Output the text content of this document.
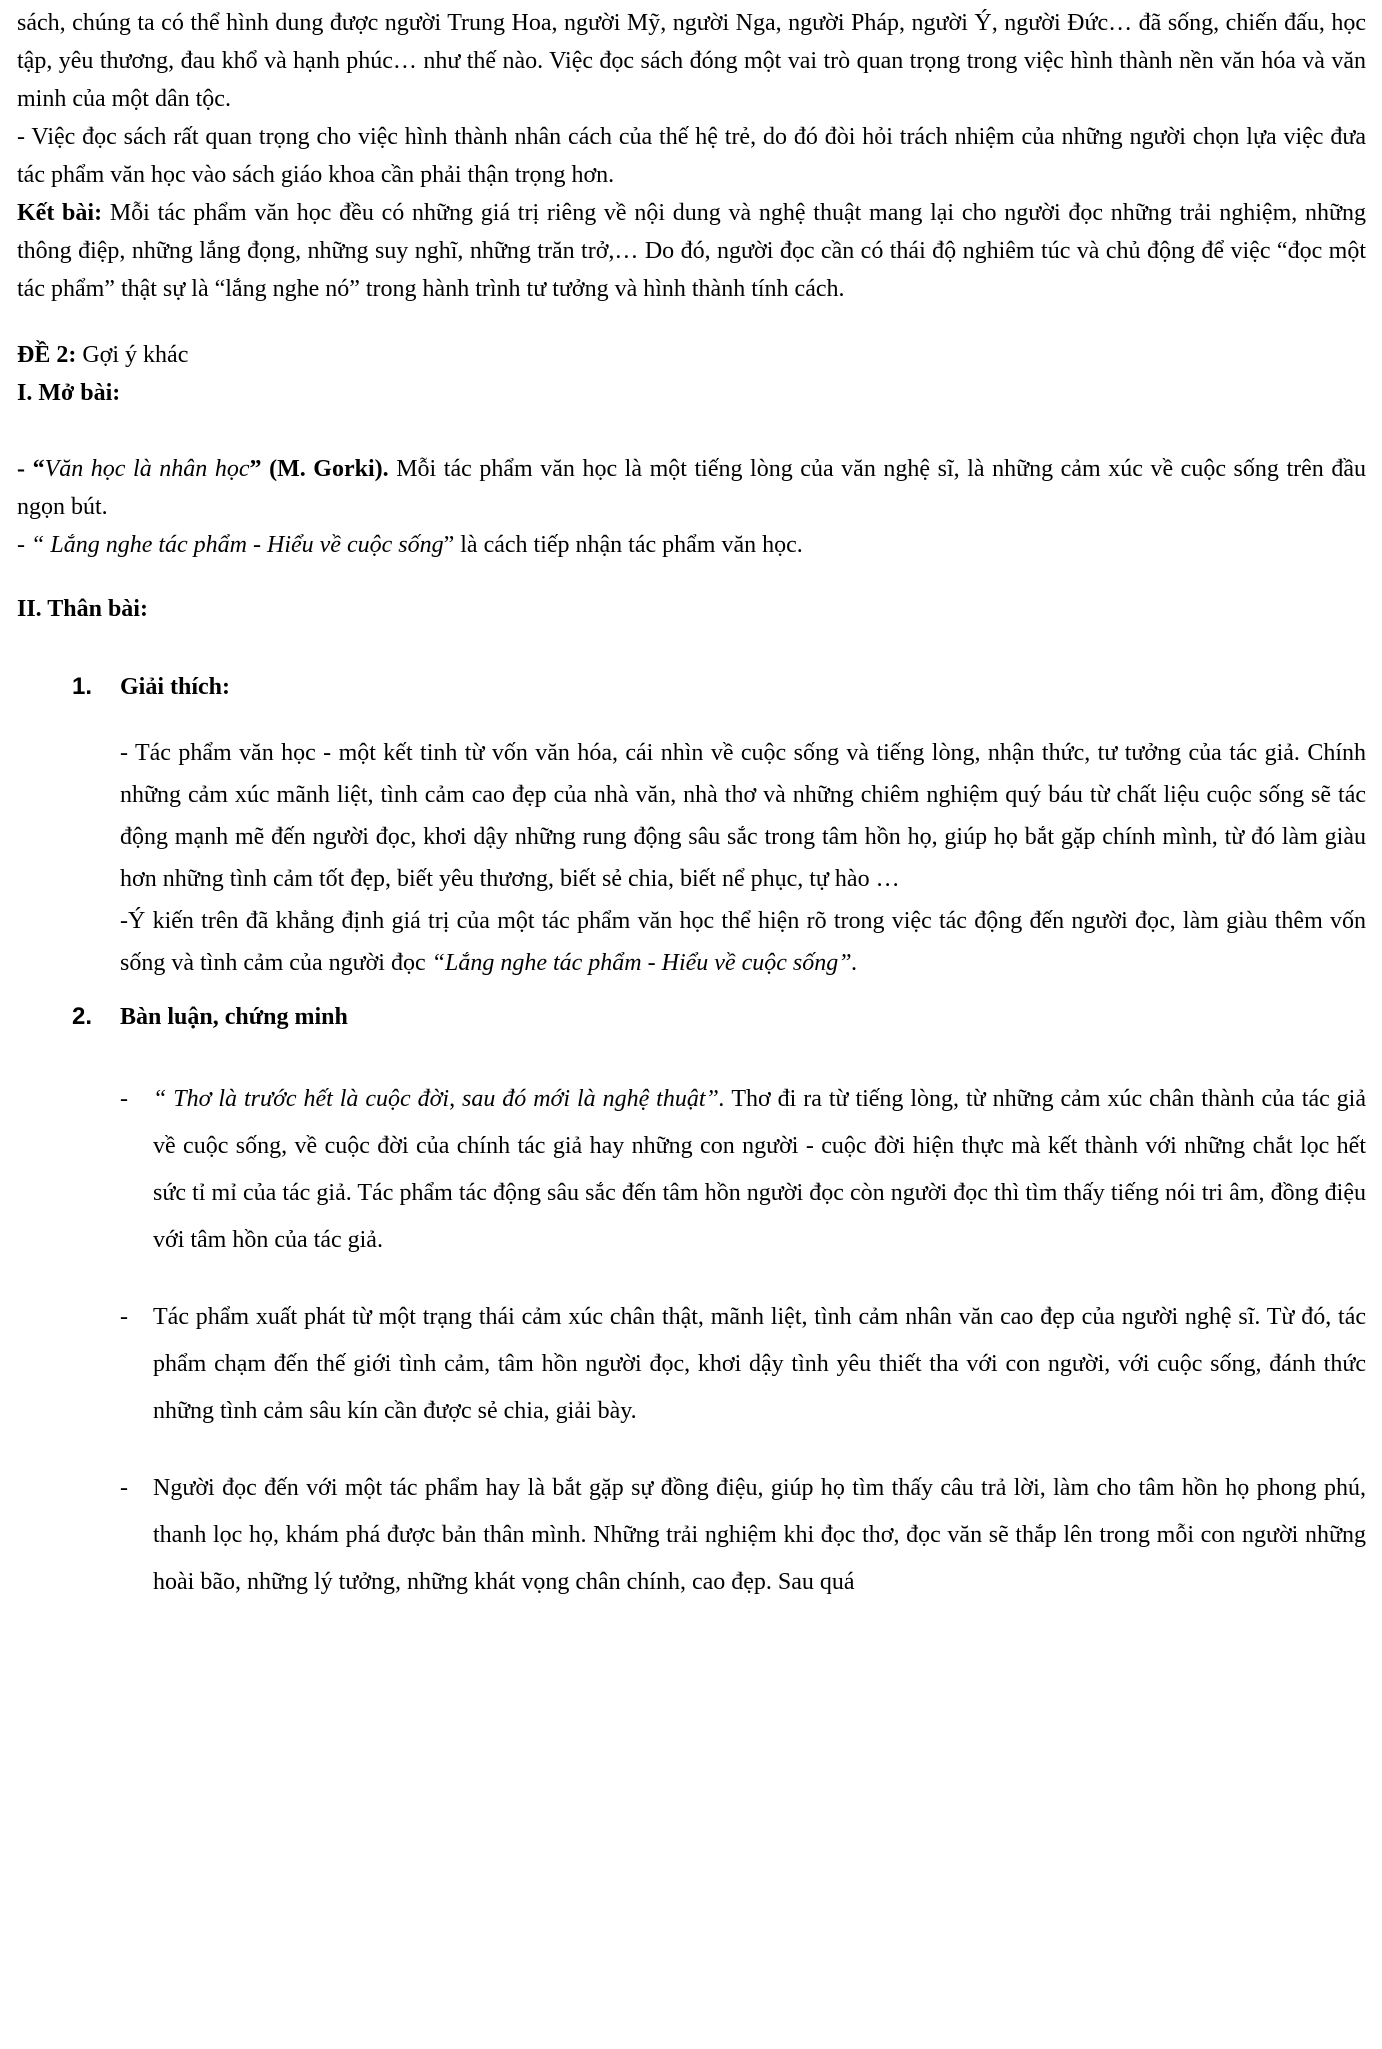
sách, chúng ta có thể hình dung được người Trung Hoa, người Mỹ, người Nga, người Pháp, người Ý, người Đức… đã sống, chiến đấu, học tập, yêu thương, đau khổ và hạnh phúc… như thế nào. Việc đọc sách đóng một vai trò quan trọng trong việc hình thành nền văn hóa và văn minh của một dân tộc.

- Việc đọc sách rất quan trọng cho việc hình thành nhân cách của thế hệ trẻ, do đó đòi hỏi trách nhiệm của những người chọn lựa việc đưa tác phẩm văn học vào sách giáo khoa cần phải thận trọng hơn.

Kết bài: Mỗi tác phẩm văn học đều có những giá trị riêng về nội dung và nghệ thuật mang lại cho người đọc những trải nghiệm, những thông điệp, những lắng đọng, những suy nghĩ, những trăn trở,… Do đó, người đọc cần có thái độ nghiêm túc và chủ động để việc “đọc một tác phẩm” thật sự là “lắng nghe nó” trong hành trình tư tưởng và hình thành tính cách.

ĐỀ 2: Gợi ý khác

I. Mở bài:

- “Văn học là nhân học” (M. Gorki). Mỗi tác phẩm văn học là một tiếng lòng của văn nghệ sĩ, là những cảm xúc về cuộc sống trên đầu ngọn bút.

- “ Lắng nghe tác phẩm - Hiểu về cuộc sống” là cách tiếp nhận tác phẩm văn học.

II. Thân bài:

1. Giải thích:

- Tác phẩm văn học - một kết tinh từ vốn văn hóa, cái nhìn về cuộc sống và tiếng lòng, nhận thức, tư tưởng của tác giả. Chính những cảm xúc mãnh liệt, tình cảm cao đẹp của nhà văn, nhà thơ và những chiêm nghiệm quý báu từ chất liệu cuộc sống sẽ tác động mạnh mẽ đến người đọc, khơi dậy những rung động sâu sắc trong tâm hồn họ, giúp họ bắt gặp chính mình, từ đó làm giàu hơn những tình cảm tốt đẹp, biết yêu thương, biết sẻ chia, biết nể phục, tự hào …

-Ý kiến trên đã khẳng định giá trị của một tác phẩm văn học thể hiện rõ trong việc tác động đến người đọc, làm giàu thêm vốn sống và tình cảm của người đọc “Lắng nghe tác phẩm - Hiểu về cuộc sống”.

2. Bàn luận, chứng minh
- “ Thơ là trước hết là cuộc đời, sau đó mới là nghệ thuật”. Thơ đi ra từ tiếng lòng, từ những cảm xúc chân thành của tác giả về cuộc sống, về cuộc đời của chính tác giả hay những con người - cuộc đời hiện thực mà kết thành với những chắt lọc hết sức tỉ mỉ của tác giả. Tác phẩm tác động sâu sắc đến tâm hồn người đọc còn người đọc thì tìm thấy tiếng nói tri âm, đồng điệu với tâm hồn của tác giả.
- Tác phẩm xuất phát từ một trạng thái cảm xúc chân thật, mãnh liệt, tình cảm nhân văn cao đẹp của người nghệ sĩ. Từ đó, tác phẩm chạm đến thế giới tình cảm, tâm hồn người đọc, khơi dậy tình yêu thiết tha với con người, với cuộc sống, đánh thức những tình cảm sâu kín cần được sẻ chia, giải bày.
- Người đọc đến với một tác phẩm hay là bắt gặp sự đồng điệu, giúp họ tìm thấy câu trả lời, làm cho tâm hồn họ phong phú, thanh lọc họ, khám phá được bản thân mình. Những trải nghiệm khi đọc thơ, đọc văn sẽ thắp lên trong mỗi con người những hoài bão, những lý tưởng, những khát vọng chân chính, cao đẹp. Sau quá
